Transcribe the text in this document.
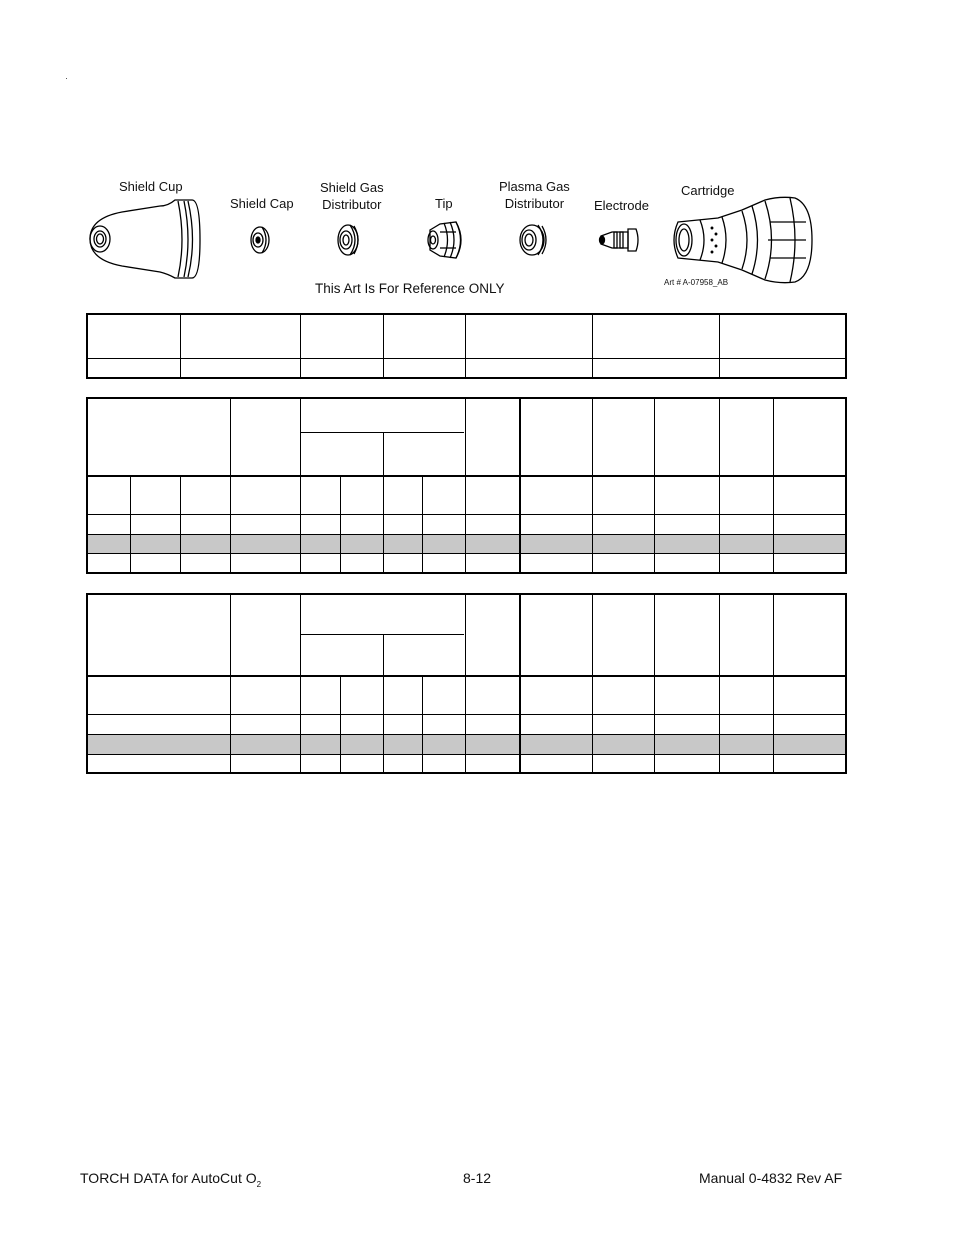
Shield Cup
Shield Cap
Shield Gas
Distributor	Tip
Plasma Gas
Distributor	Electrode
Cartridge
This Art Is For Reference ONLY	Art # A-07958_AB
TORCH DATA for AutoCut $O_2$	8-12	Manual 0-4832 Rev AF
